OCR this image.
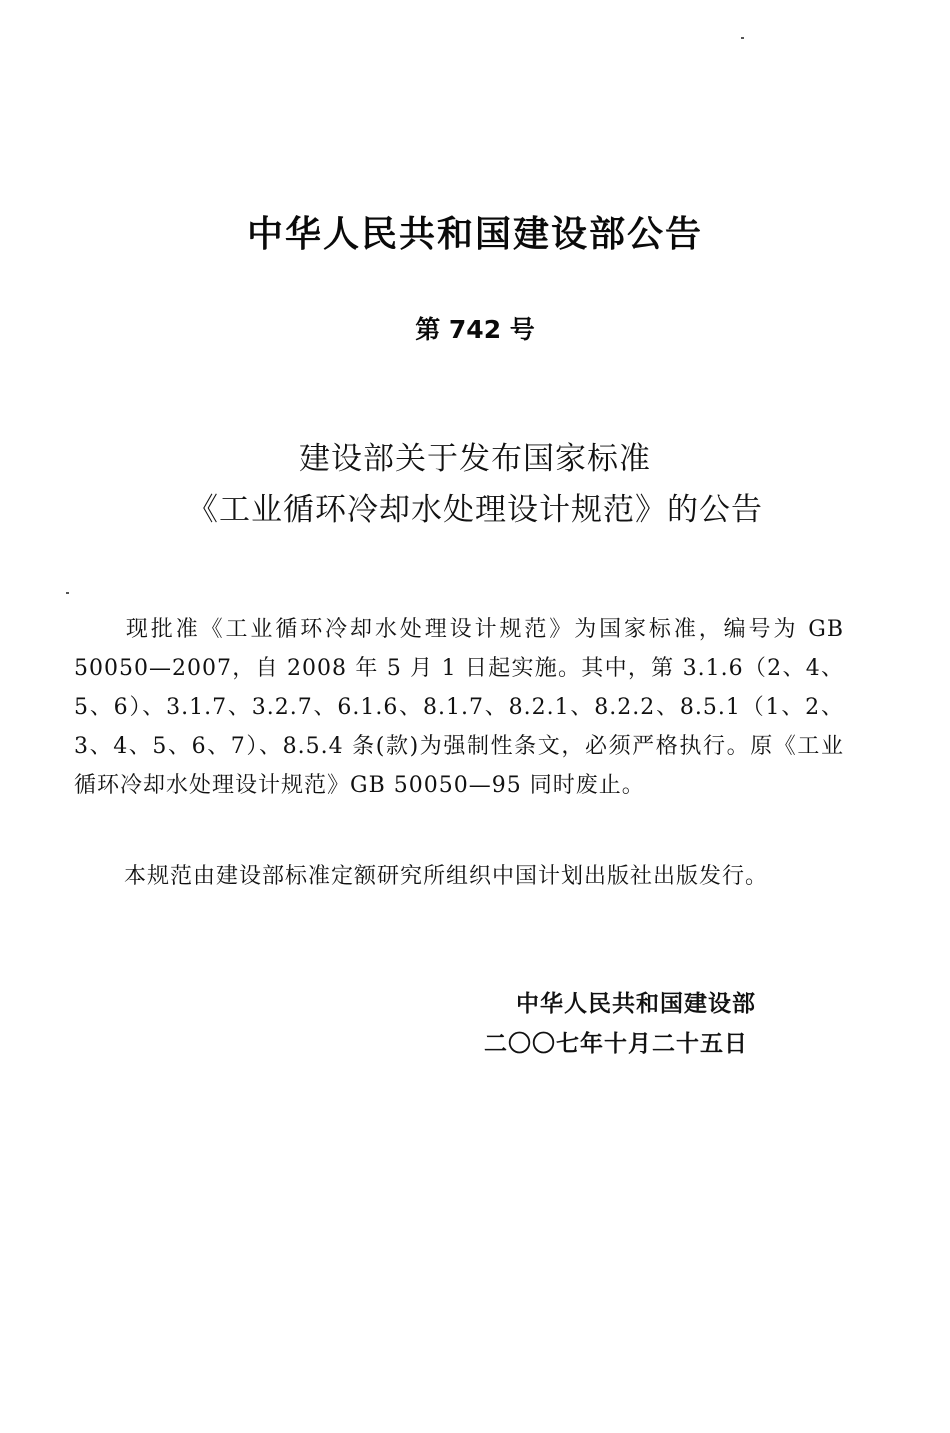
中华人民共和国建设部公告
第 742 号
建设部关于发布国家标准
《工业循环冷却水处理设计规范》的公告
现批准《工业循环冷却水处理设计规范》为国家标准，编号为 GB 50050—2007，自 2008 年 5 月 1 日起实施。其中，第 3.1.6（2、4、5、6）、3.1.7、3.2.7、6.1.6、8.1.7、8.2.1、8.2.2、8.5.1（1、2、3、4、5、6、7）、8.5.4 条(款)为强制性条文，必须严格执行。原《工业循环冷却水处理设计规范》GB 50050—95 同时废止。
本规范由建设部标准定额研究所组织中国计划出版社出版发行。
中华人民共和国建设部
二〇〇七年十月二十五日
